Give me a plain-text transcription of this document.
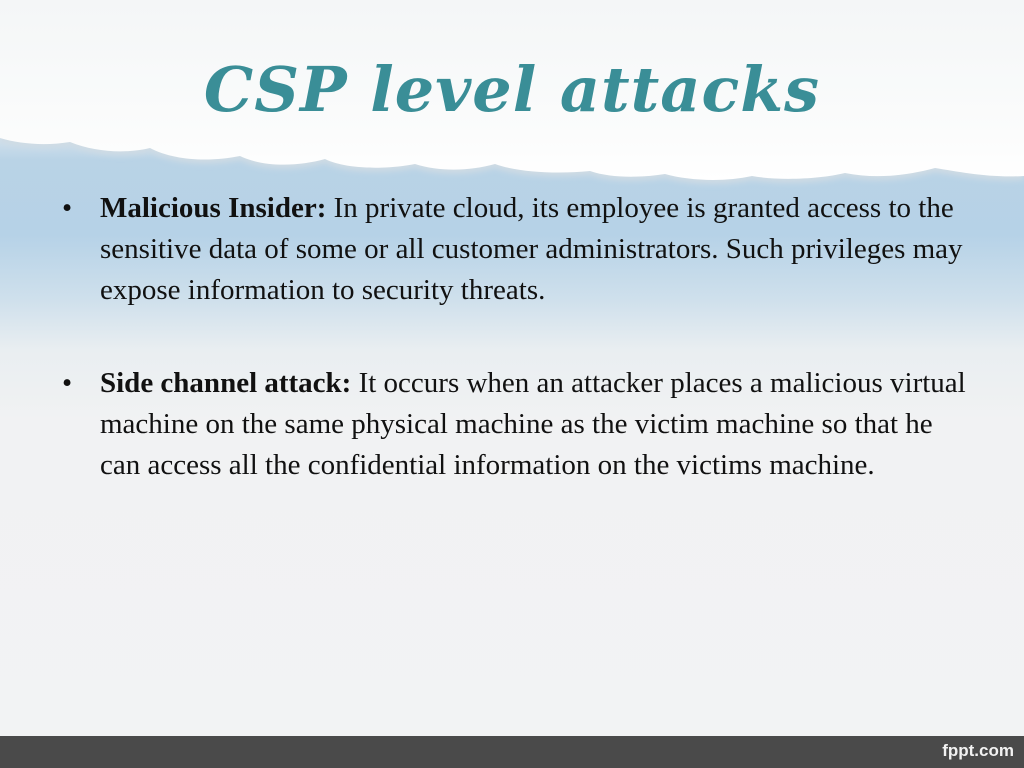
CSP level attacks
• Malicious Insider: In private cloud, its employee is granted access to the sensitive data of some or all customer administrators. Such privileges may expose information to security threats.
• Side channel attack: It occurs when an attacker places a malicious virtual machine on the same physical machine as the victim machine so that he can access all the confidential information on the victims machine.
fppt.com
